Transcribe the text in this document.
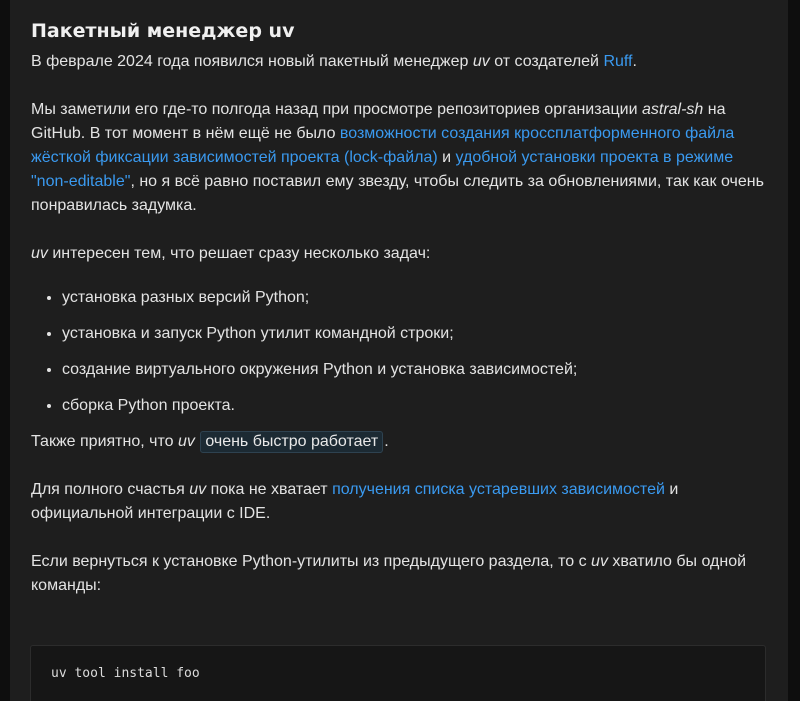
Пакетный менеджер uv

В феврале 2024 года появился новый пакетный менеджер uv от создателей Ruff.

Мы заметили его где-то полгода назад при просмотре репозиториев организации astral-sh на GitHub. В тот момент в нём ещё не было возможности создания кроссплатформенного файла жёсткой фиксации зависимостей проекта (lock-файла) и удобной установки проекта в режиме "non-editable", но я всё равно поставил ему звезду, чтобы следить за обновлениями, так как очень понравилась задумка.

uv интересен тем, что решает сразу несколько задач:

• установка разных версий Python;
• установка и запуск Python утилит командной строки;
• создание виртуального окружения Python и установка зависимостей;
• сборка Python проекта.

Также приятно, что uv очень быстро работает .

Для полного счастья uv пока не хватает получения списка устаревших зависимостей и официальной интеграции с IDE.

Если вернуться к установке Python-утилиты из предыдущего раздела, то с uv хватило бы одной команды:

uv tool install foo
